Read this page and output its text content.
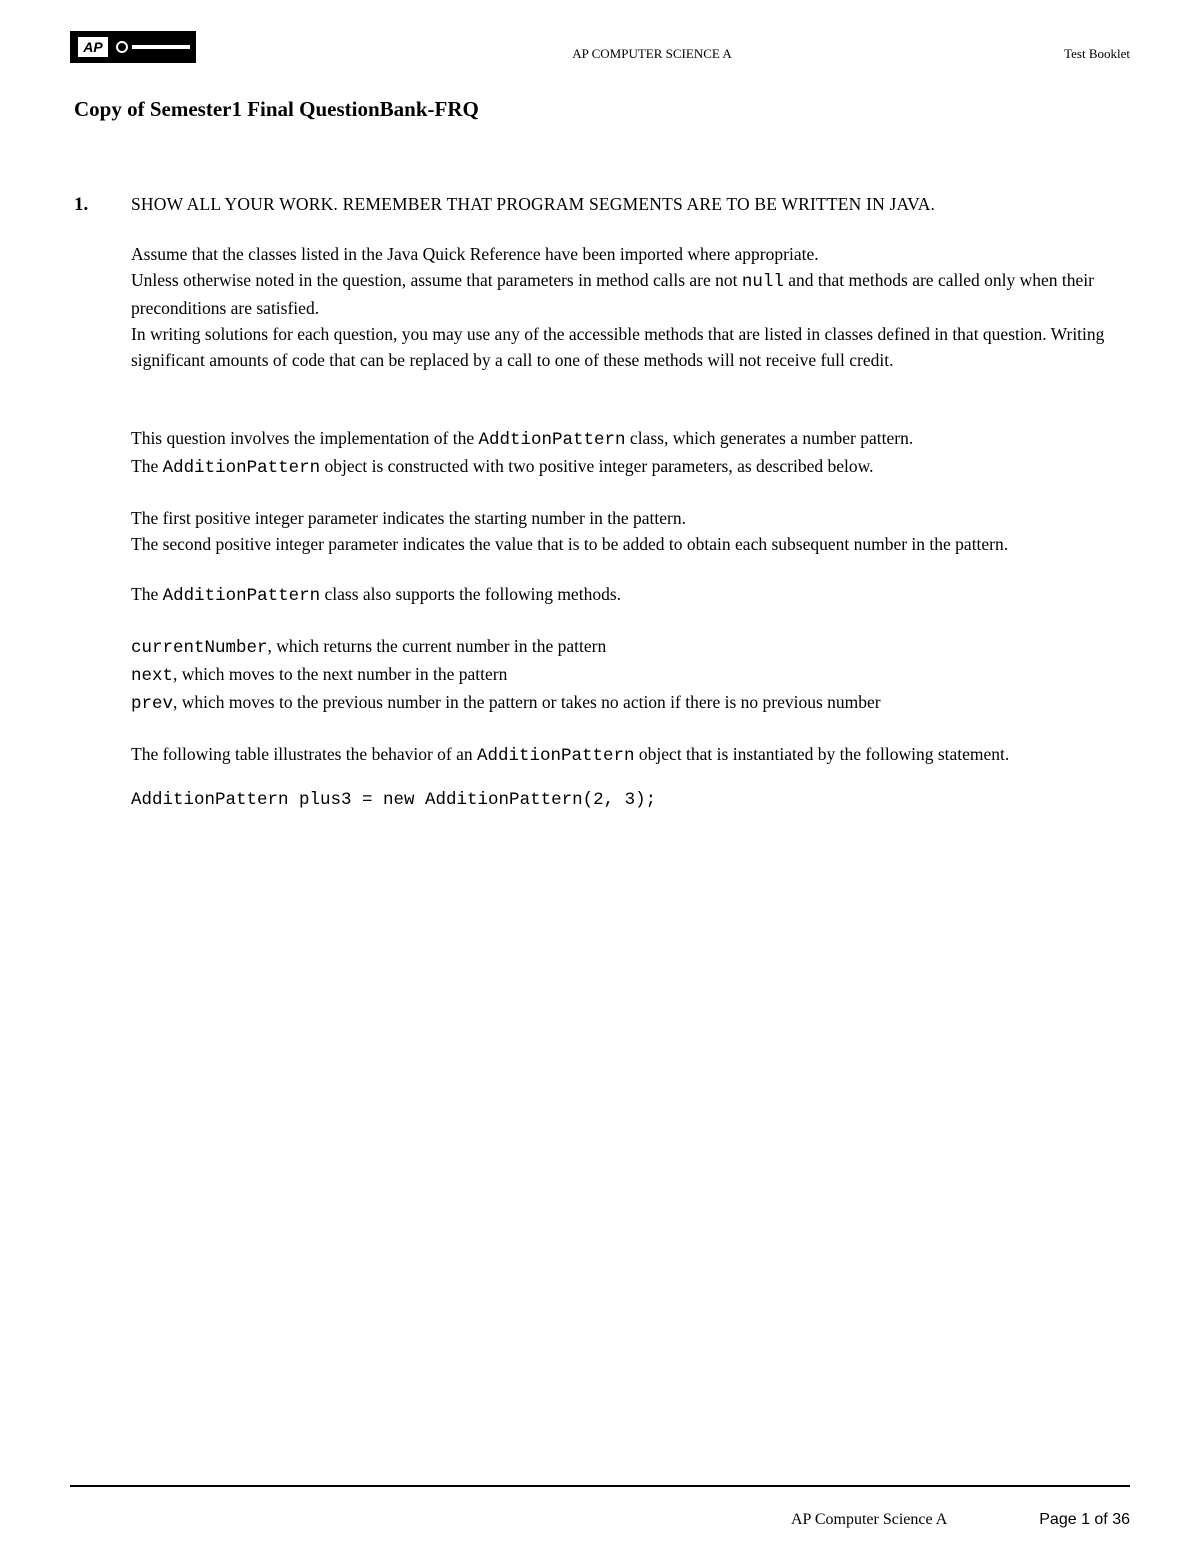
AP	AP COMPUTER SCIENCE A	Test Booklet
Copy of Semester1 Final QuestionBank-FRQ
1. SHOW ALL YOUR WORK. REMEMBER THAT PROGRAM SEGMENTS ARE TO BE WRITTEN IN JAVA.

Assume that the classes listed in the Java Quick Reference have been imported where appropriate.

Unless otherwise noted in the question, assume that parameters in method calls are not null and that methods are called only when their preconditions are satisfied.

In writing solutions for each question, you may use any of the accessible methods that are listed in classes defined in that question. Writing significant amounts of code that can be replaced by a call to one of these methods will not receive full credit.

This question involves the implementation of the AddtionPattern class, which generates a number pattern.

The AdditionPattern object is constructed with two positive integer parameters, as described below.

The first positive integer parameter indicates the starting number in the pattern.

The second positive integer parameter indicates the value that is to be added to obtain each subsequent number in the pattern.

The AdditionPattern class also supports the following methods.

currentNumber, which returns the current number in the pattern

next, which moves to the next number in the pattern

prev, which moves to the previous number in the pattern or takes no action if there is no previous number

The following table illustrates the behavior of an AdditionPattern object that is instantiated by the following statement.

AdditionPattern plus3 = new AdditionPattern(2, 3);

AP Computer Science A	Page 1 of 36
